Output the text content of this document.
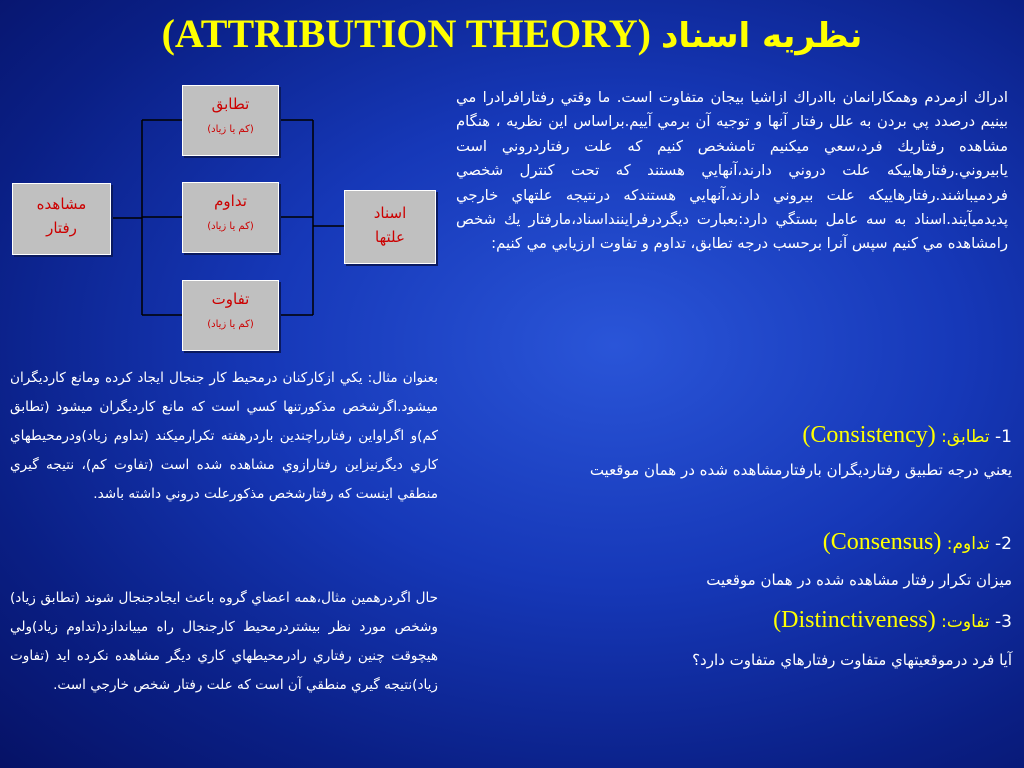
(ATTRIBUTION THEORY) نظریه اسناد
مشاهده
رفتار
تطابق
(کم یا زیاد)
تداوم
(کم یا زیاد)
تفاوت
(کم یا زیاد)
اسناد
علتها
ادراك ازمردم وهمکارانمان باادراك ازاشیا بیجان متفاوت است. ما وقتي رفتارافرادرا مي بینیم درصدد پي بردن به علل رفتار آنها و توجیه آن برمي آییم.براساس این نظریه ، هنگام مشاهده رفتاریك فرد،سعي میکنیم تامشخص کنیم که علت رفتاردروني است یابیروني.رفتارهاییکه علت دروني دارند،آنهایي هستند که تحت کنترل شخصي فردمیباشند.رفتارهاییکه علت بیروني دارند،آنهایي هستندکه درنتیجه علتهاي خارجي پدیدمیآیند.اسناد به سه عامل بستگي دارد:بعبارت دیگردرفرایننداسناد،مارفتار یك شخص رامشاهده مي کنیم سپس آنرا برحسب درجه تطابق، تداوم و تفاوت ارزیابي مي کنیم:
1- تطابق: (Consistency)
یعني درجه تطبیق رفتاردیگران بارفتارمشاهده شده در همان موقعیت
2- تداوم: (Consensus)
میزان تکرار رفتار مشاهده شده در همان موقعیت
3- تفاوت: (Distinctiveness)
آیا فرد درموقعیتهاي متفاوت رفتارهاي متفاوت دارد؟
بعنوان مثال: يكي ازكاركنان درمحيط كار جنجال ايجاد كرده ومانع كارديگران ميشود.اگرشخص مذكورتنها كسي است كه مانع كارديگران ميشود (تطابق كم)و اگراواين رفتارراچندين باردرهفته تكرارميكند (تداوم زياد)ودرمحيطهاي كاري ديگرنيزاين رفتارازوي مشاهده شده است (تفاوت كم)، نتيجه گيري منطقي اينست كه رفتارشخص مذكورعلت دروني داشته باشد.
حال اگردرهمين مثال،همه اعضاي گروه باعث ايجادجنجال شوند (تطابق زياد) وشخص مورد نظر بيشتردرمحيط كارجنجال راه ميياندازد(تداوم زياد)ولي هيچوقت چنين رفتاري رادرمحيطهاي كاري ديگر مشاهده نكرده ايد (تفاوت زياد)نتيجه گيري منطقي آن است كه علت رفتار شخص خارجي است.
